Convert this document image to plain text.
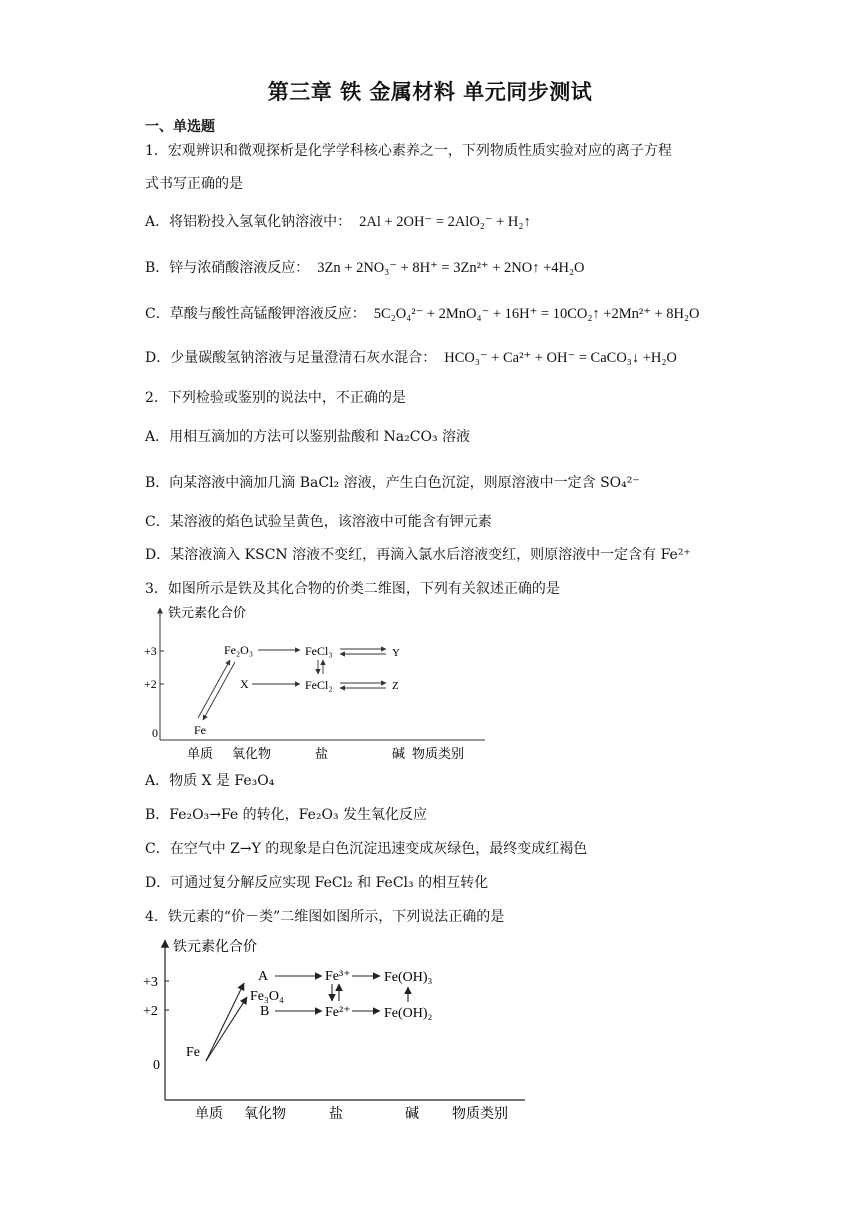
第三章 铁 金属材料 单元同步测试
一、单选题
1．宏观辨识和微观探析是化学学科核心素养之一，下列物质性质实验对应的离子方程
式书写正确的是
A．将铝粉投入氢氧化钠溶液中： 2Al + 2OH⁻ = 2AlO₂⁻ + H₂↑
B．锌与浓硝酸溶液反应： 3Zn + 2NO₃⁻ + 8H⁺ = 3Zn²⁺ + 2NO↑ +4H₂O
C．草酸与酸性高锰酸钾溶液反应： 5C₂O₄²⁻ + 2MnO₄⁻ + 16H⁺ = 10CO₂↑ +2Mn²⁺ + 8H₂O
D．少量碳酸氢钠溶液与足量澄清石灰水混合： HCO₃⁻ + Ca²⁺ + OH⁻ = CaCO₃↓ +H₂O
2．下列检验或鉴别的说法中，不正确的是
A．用相互滴加的方法可以鉴别盐酸和 Na₂CO₃ 溶液
B．向某溶液中滴加几滴 BaCl₂ 溶液，产生白色沉淀，则原溶液中一定含 SO₄²⁻
C．某溶液的焰色试验呈黄色，该溶液中可能含有钾元素
D．某溶液滴入 KSCN 溶液不变红，再滴入氯水后溶液变红，则原溶液中一定含有 Fe²⁺
3．如图所示是铁及其化合物的价类二维图，下列有关叙述正确的是
铁元素化合价
+3
+2
0
单质 氧化物	盐	碱 物质类别
Fe₂O₃	FeCl₃	Y
X	FeCl₂	Z
Fe
A．物质 X 是 Fe₃O₄
B．Fe₂O₃→Fe 的转化，Fe₂O₃ 发生氧化反应
C．在空气中 Z→Y 的现象是白色沉淀迅速变成灰绿色，最终变成红褐色
D．可通过复分解反应实现 FeCl₂ 和 FeCl₃ 的相互转化
4．铁元素的“价－类”二维图如图所示，下列说法正确的是
铁元素化合价
+3
+2
0
单质 氧化物	盐	碱 物质类别
A
Fe₃O₄
B
Fe³⁺
Fe²⁺
Fe(OH)₃
Fe(OH)₂
Fe
